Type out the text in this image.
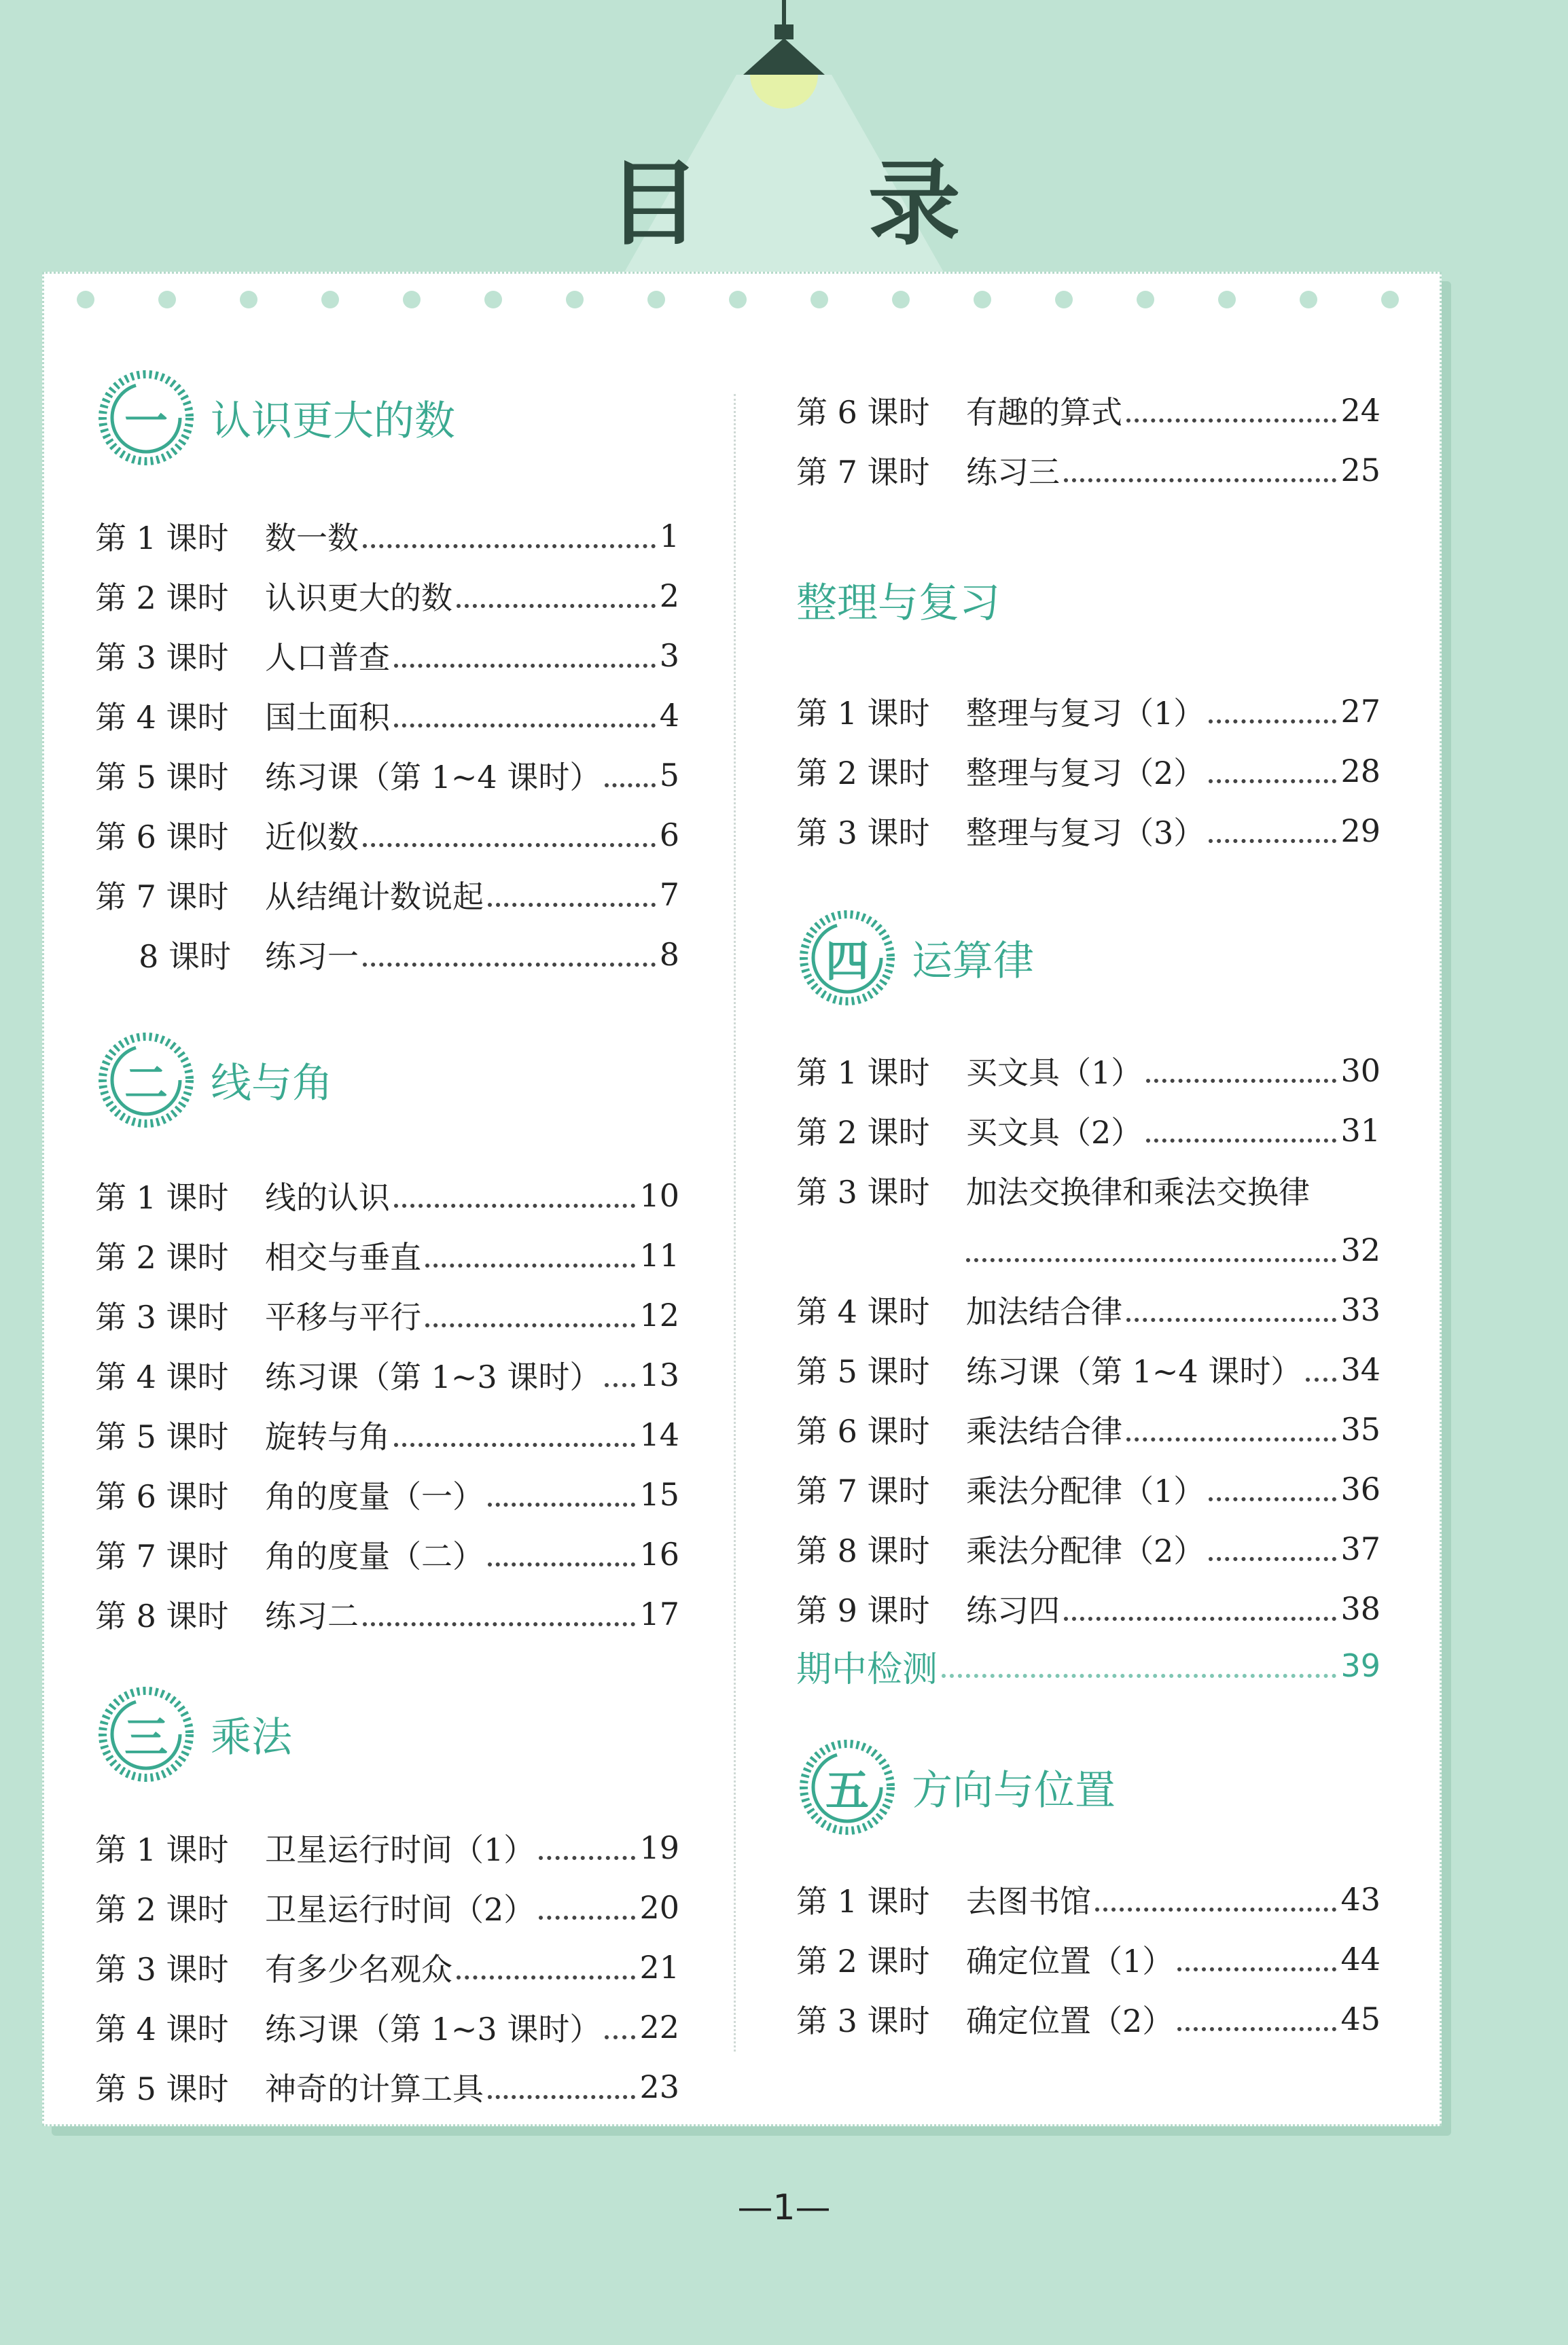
目 录
一	认识更大的数
第 1 课时	数一数	1
第 2 课时	认识更大的数	2
第 3 课时	人口普查	3
第 4 课时	国土面积	4
第 5 课时	练习课（第 1~4 课时） 5
第 6 课时	近似数	6
第 7 课时	从结绳计数说起	7
8 课时	练习一	8
二	线与角
第 1 课时	线的认识	10
第 2 课时	相交与垂直	11
第 3 课时	平移与平行	12
第 4 课时	练习课（第 1~3 课时） 13
第 5 课时	旋转与角	14
第 6 课时	角的度量（一）	15
第 7 课时	角的度量（二）	16
第 8 课时	练习二	17
三	乘法
第 1 课时	卫星运行时间（1）	19
第 2 课时	卫星运行时间（2）	20
第 3 课时	有多少名观众	21
第 4 课时	练习课（第 1~3 课时） 22
第 5 课时	神奇的计算工具	23
第 6 课时	有趣的算式	24
第 7 课时	练习三	25
整理与复习
第 1 课时	整理与复习（1）	27
第 2 课时	整理与复习（2）	28
第 3 课时	整理与复习（3）	29
四	运算律
第 1 课时	买文具（1）	30
第 2 课时	买文具（2）	31
第 3 课时	加法交换律和乘法交换律
32
第 4 课时	加法结合律	33
第 5 课时	练习课（第 1~4 课时） 34
第 6 课时	乘法结合律	35
第 7 课时	乘法分配律（1）	36
第 8 课时	乘法分配律（2）	37
第 9 课时	练习四	38
期中检测	39
五	方向与位置
第 1 课时	去图书馆	43
第 2 课时	确定位置（1）	44
第 3 课时	确定位置（2）	45
—1—
